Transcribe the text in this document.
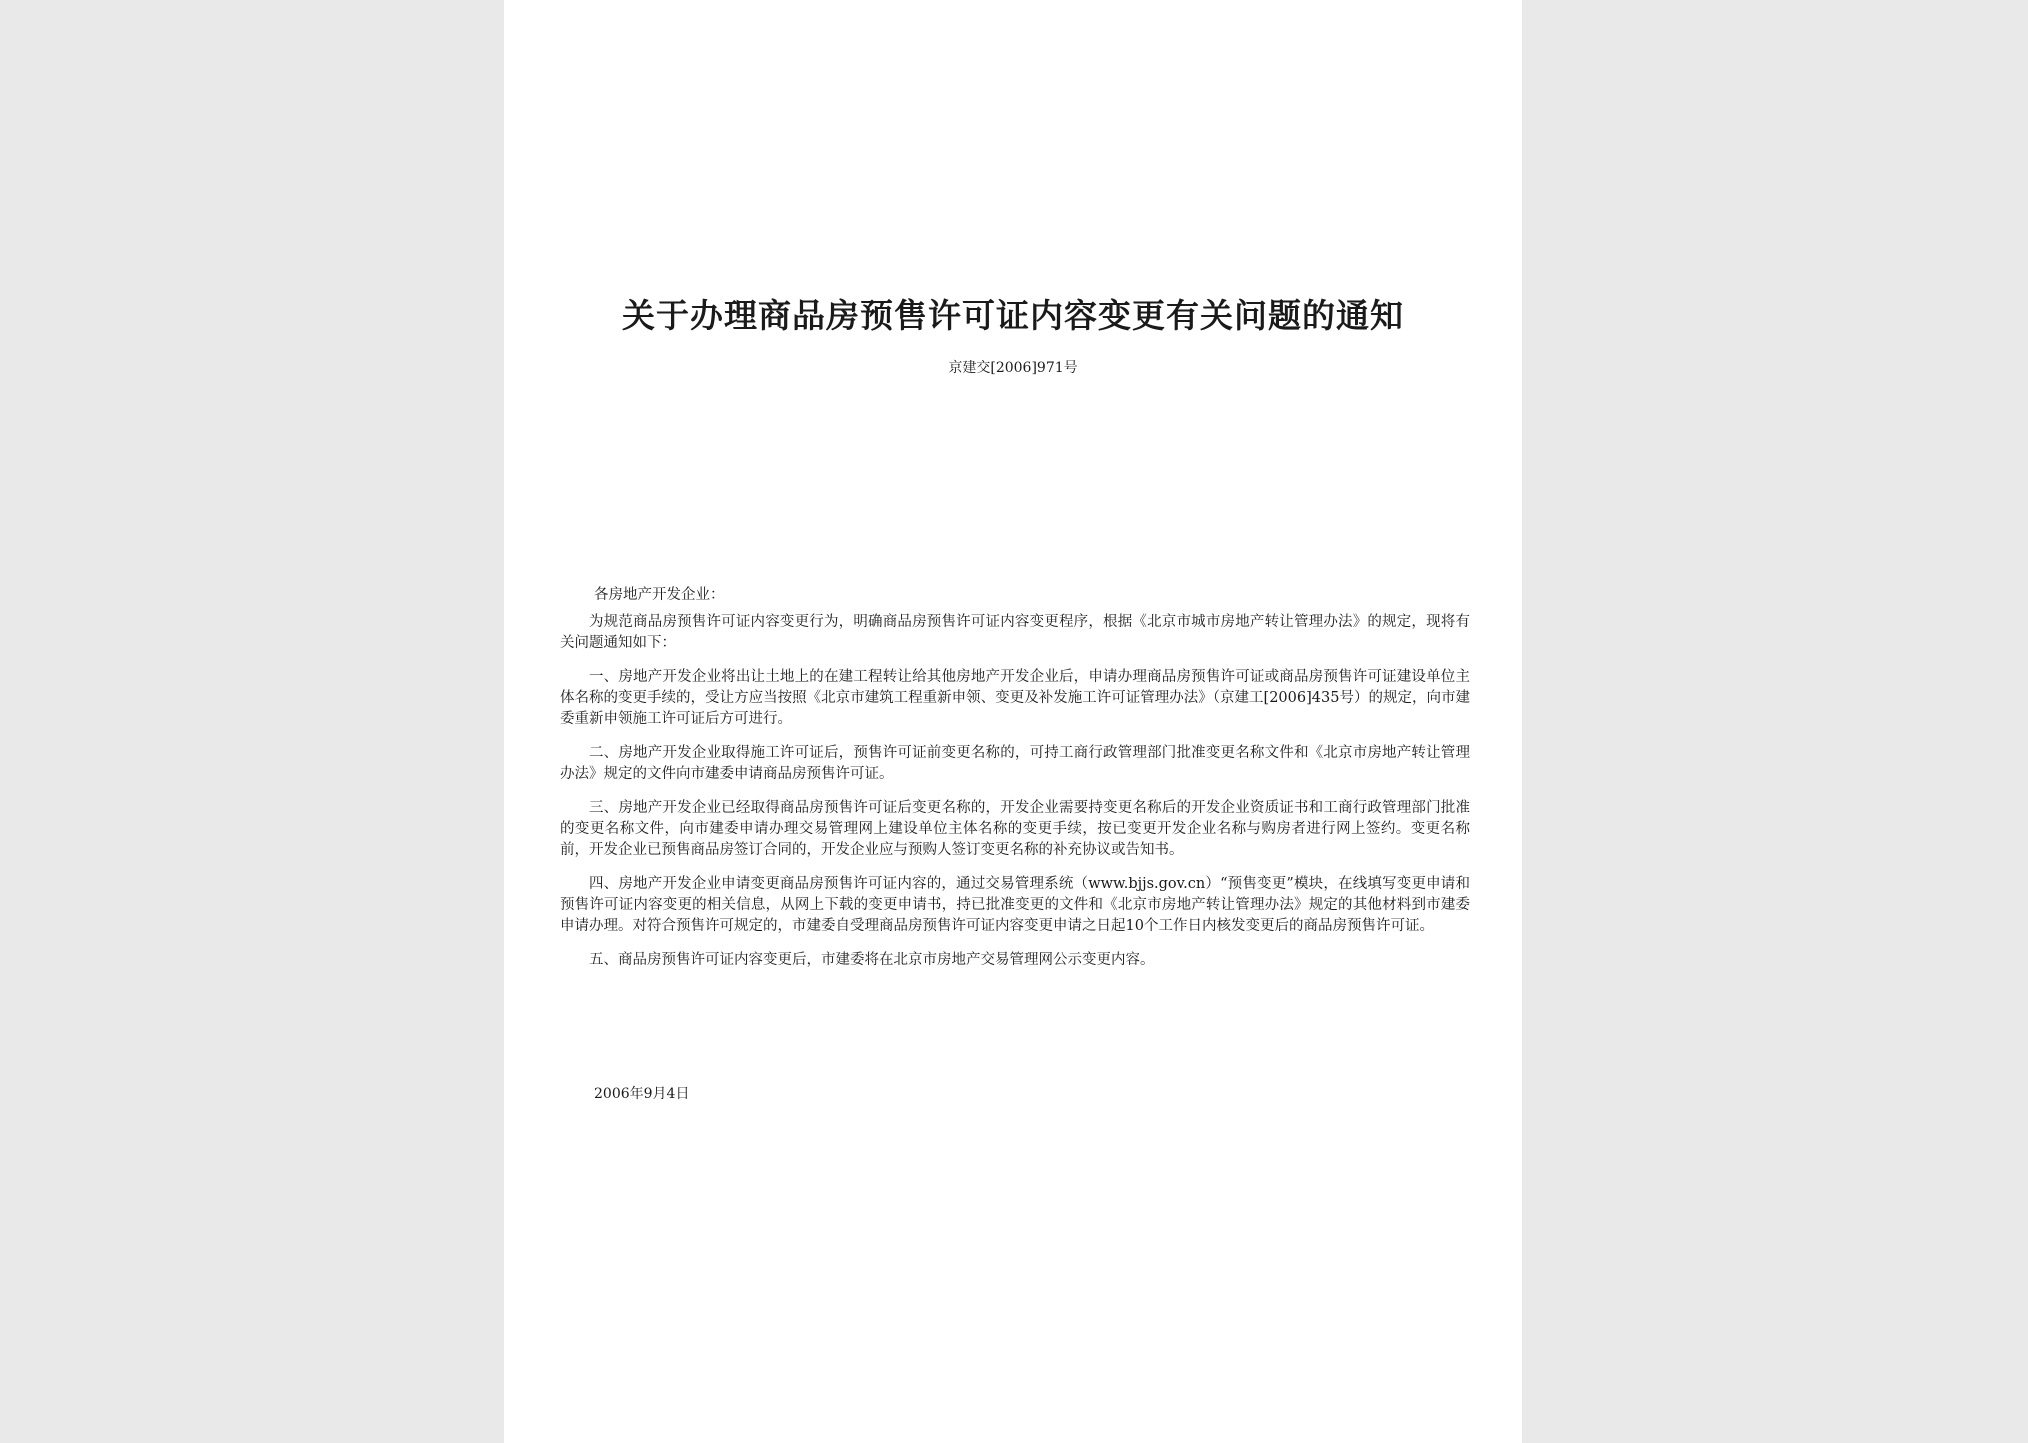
关于办理商品房预售许可证内容变更有关问题的通知
京建交[2006]971号
各房地产开发企业：

为规范商品房预售许可证内容变更行为，明确商品房预售许可证内容变更程序，根据《北京市城市房地产转让管理办法》的规定，现将有关问题通知如下：

一、房地产开发企业将出让土地上的在建工程转让给其他房地产开发企业后，申请办理商品房预售许可证或商品房预售许可证建设单位主体名称的变更手续的，受让方应当按照《北京市建筑工程重新申领、变更及补发施工许可证管理办法》（京建工[2006]435号）的规定，向市建委重新申领施工许可证后方可进行。

二、房地产开发企业取得施工许可证后，预售许可证前变更名称的，可持工商行政管理部门批准变更名称文件和《北京市房地产转让管理办法》规定的文件向市建委申请商品房预售许可证。

三、房地产开发企业已经取得商品房预售许可证后变更名称的，开发企业需要持变更名称后的开发企业资质证书和工商行政管理部门批准的变更名称文件，向市建委申请办理交易管理网上建设单位主体名称的变更手续，按已变更开发企业名称与购房者进行网上签约。变更名称前，开发企业已预售商品房签订合同的，开发企业应与预购人签订变更名称的补充协议或告知书。

四、房地产开发企业申请变更商品房预售许可证内容的，通过交易管理系统（www.bjjs.gov.cn）“预售变更”模块，在线填写变更申请和预售许可证内容变更的相关信息，从网上下载的变更申请书，持已批准变更的文件和《北京市房地产转让管理办法》规定的其他材料到市建委申请办理。对符合预售许可规定的，市建委自受理商品房预售许可证内容变更申请之日起10个工作日内核发变更后的商品房预售许可证。

五、商品房预售许可证内容变更后，市建委将在北京市房地产交易管理网公示变更内容。

2006年9月4日
